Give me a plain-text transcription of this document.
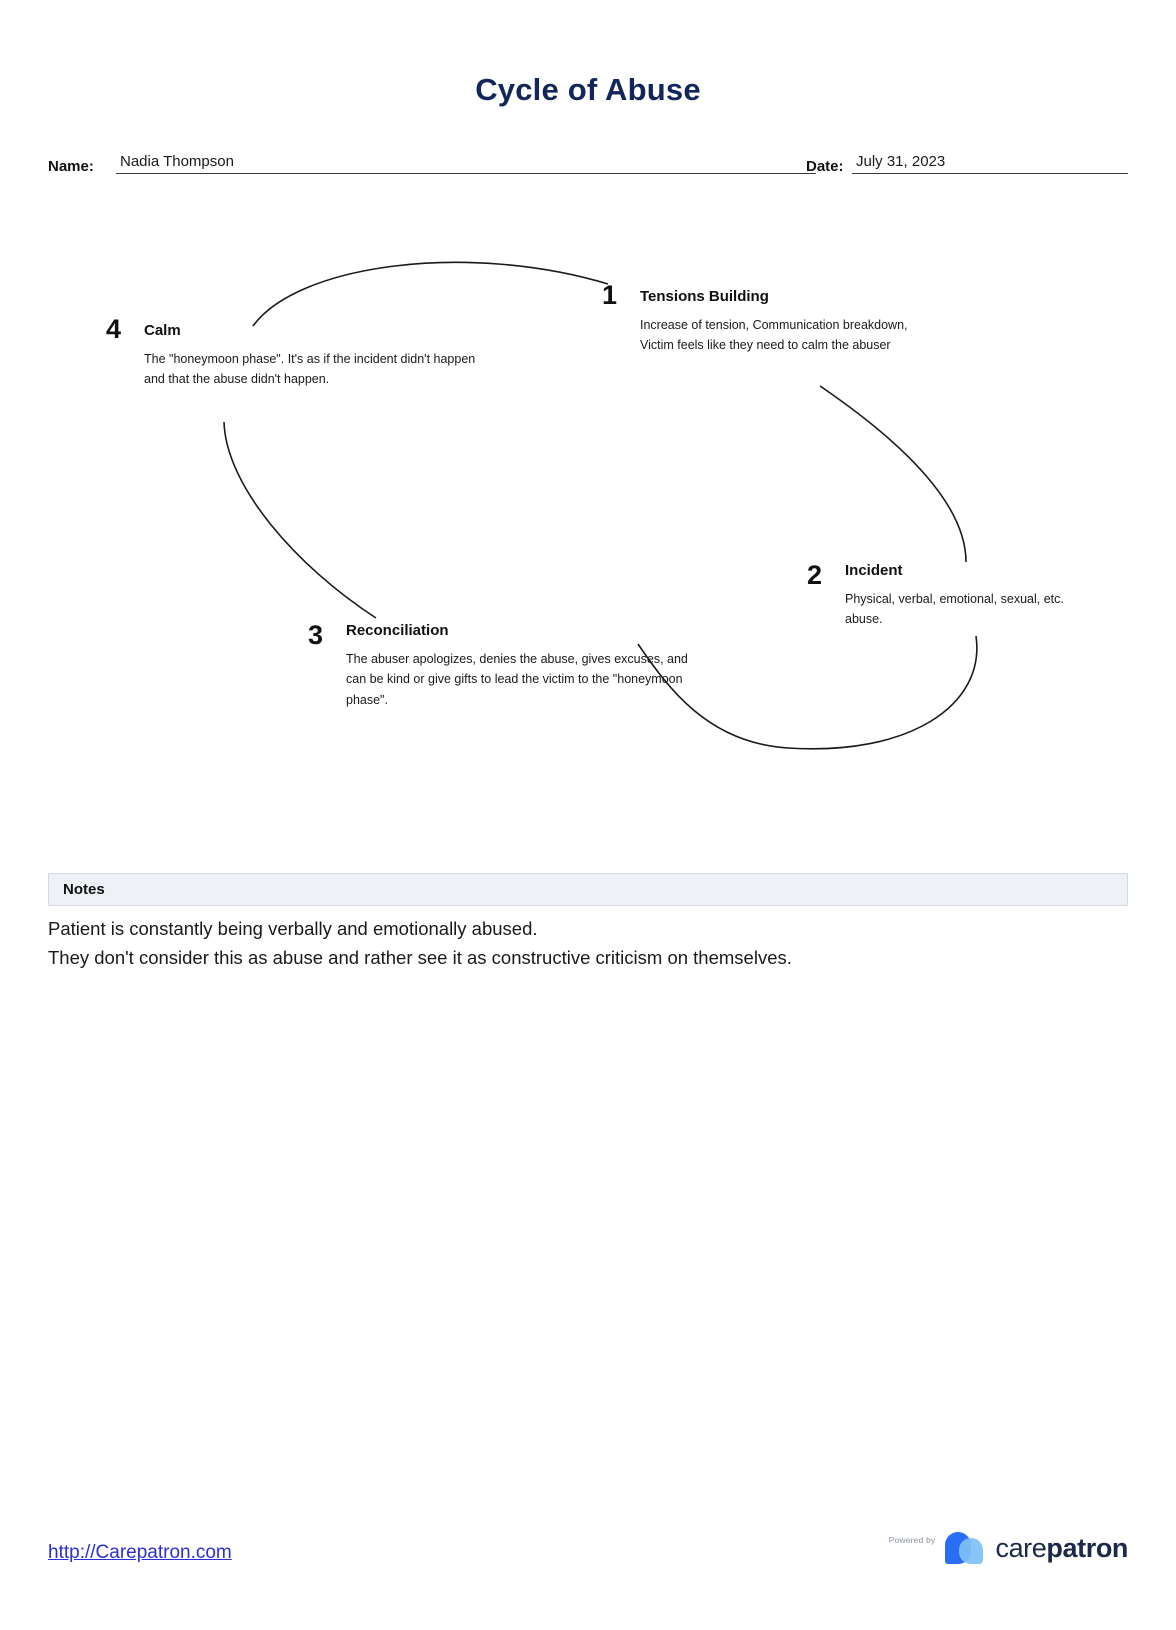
Cycle of Abuse
Name: Nadia Thompson	Date: July 31, 2023
1 Tensions Building
Increase of tension, Communication breakdown, Victim feels like they need to calm the abuser
2 Incident
Physical, verbal, emotional, sexual, etc. abuse.
3 Reconciliation
The abuser apologizes, denies the abuse, gives excuses, and can be kind or give gifts to lead the victim to the "honeymoon phase".
4 Calm
The "honeymoon phase". It's as if the incident didn't happen and that the abuse didn't happen.
Notes
Patient is constantly being verbally and emotionally abused.
They don't consider this as abuse and rather see it as constructive criticism on themselves.
http://Carepatron.com
Powered by carepatron
